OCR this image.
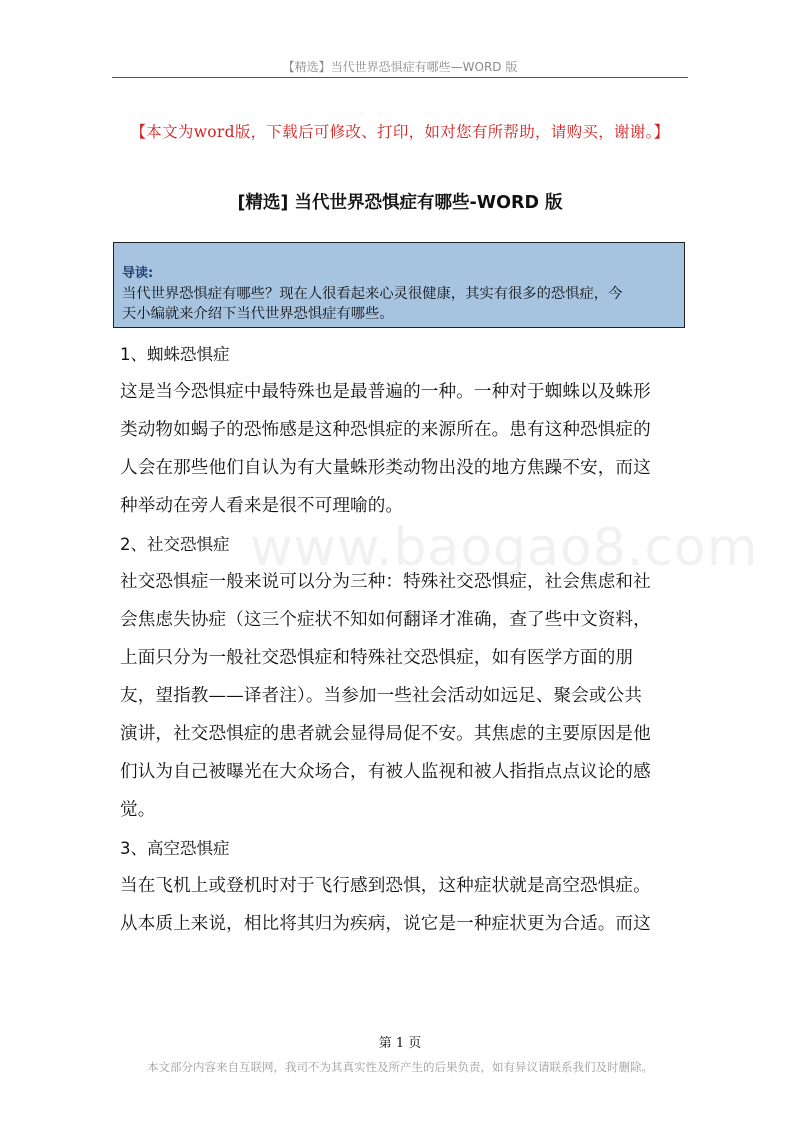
【精选】当代世界恐惧症有哪些—WORD 版
【本文为word版，下载后可修改、打印，如对您有所帮助，请购买，谢谢。】
[精选] 当代世界恐惧症有哪些-WORD 版
导读:
当代世界恐惧症有哪些？现在人很看起来心灵很健康，其实有很多的恐惧症，今
天小编就来介绍下当代世界恐惧症有哪些。
www.baogao8.com
1、蜘蛛恐惧症

这是当今恐惧症中最特殊也是最普遍的一种。一种对于蜘蛛以及蛛形
类动物如蝎子的恐怖感是这种恐惧症的来源所在。患有这种恐惧症的
人会在那些他们自认为有大量蛛形类动物出没的地方焦躁不安，而这
种举动在旁人看来是很不可理喻的。

2、社交恐惧症

社交恐惧症一般来说可以分为三种：特殊社交恐惧症，社会焦虑和社
会焦虑失协症（这三个症状不知如何翻译才准确，查了些中文资料，
上面只分为一般社交恐惧症和特殊社交恐惧症，如有医学方面的朋
友，望指教——译者注）。当参加一些社会活动如远足、聚会或公共
演讲，社交恐惧症的患者就会显得局促不安。其焦虑的主要原因是他
们认为自己被曝光在大众场合，有被人监视和被人指指点点议论的感
觉。

3、高空恐惧症

当在飞机上或登机时对于飞行感到恐惧，这种症状就是高空恐惧症。
从本质上来说，相比将其归为疾病，说它是一种症状更为合适。而这

第 1 页
本文部分内容来自互联网，我司不为其真实性及所产生的后果负责，如有异议请联系我们及时删除。
